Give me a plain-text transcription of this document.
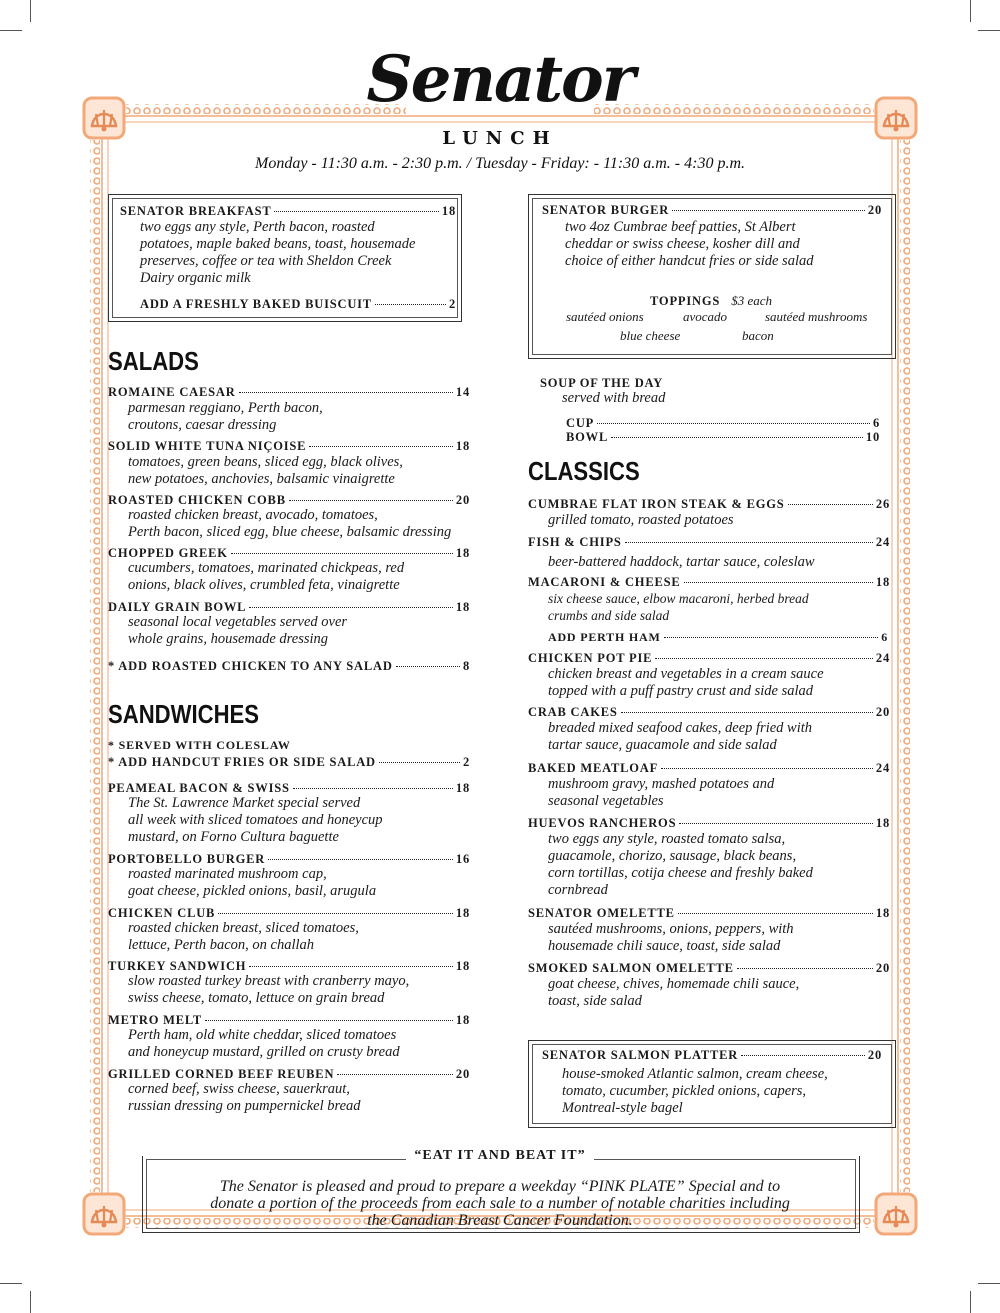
Senator
LUNCH
Monday - 11:30 a.m. - 2:30 p.m. / Tuesday - Friday: - 11:30 a.m. - 4:30 p.m.
SENATOR BREAKFAST	18
two eggs any style, Perth bacon, roasted
potatoes, maple baked beans, toast, housemade
preserves, coffee or tea with Sheldon Creek
Dairy organic milk
ADD A FRESHLY BAKED BUISCUIT	2
SENATOR BURGER	20
two 4oz Cumbrae beef patties, St Albert
cheddar or swiss cheese, kosher dill and
choice of either handcut fries or side salad
TOPPINGS $3 each
sautéed onions	avocado	sautéed mushrooms
blue cheese	bacon
SALADS
ROMAINE CAESAR	14
parmesan reggiano, Perth bacon,
croutons, caesar dressing
SOLID WHITE TUNA NIÇOISE	18
tomatoes, green beans, sliced egg, black olives,
new potatoes, anchovies, balsamic vinaigrette
ROASTED CHICKEN COBB	20
roasted chicken breast, avocado, tomatoes,
Perth bacon, sliced egg, blue cheese, balsamic dressing
CHOPPED GREEK	18
cucumbers, tomatoes, marinated chickpeas, red
onions, black olives, crumbled feta, vinaigrette
DAILY GRAIN BOWL	18
seasonal local vegetables served over
whole grains, housemade dressing
* ADD ROASTED CHICKEN TO ANY SALAD	8
SANDWICHES
* SERVED WITH COLESLAW
* ADD HANDCUT FRIES OR SIDE SALAD	2
PEAMEAL BACON & SWISS	18
The St. Lawrence Market special served
all week with sliced tomatoes and honeycup
mustard, on Forno Cultura baguette
PORTOBELLO BURGER	16
roasted marinated mushroom cap,
goat cheese, pickled onions, basil, arugula
CHICKEN CLUB	18
roasted chicken breast, sliced tomatoes,
lettuce, Perth bacon, on challah
TURKEY SANDWICH	18
slow roasted turkey breast with cranberry mayo,
swiss cheese, tomato, lettuce on grain bread
METRO MELT	18
Perth ham, old white cheddar, sliced tomatoes
and honeycup mustard, grilled on crusty bread
GRILLED CORNED BEEF REUBEN	20
corned beef, swiss cheese, sauerkraut,
russian dressing on pumpernickel bread
SOUP OF THE DAY
served with bread
CUP	6
BOWL	10
CLASSICS
CUMBRAE FLAT IRON STEAK & EGGS	26
grilled tomato, roasted potatoes
FISH & CHIPS	24
beer-battered haddock, tartar sauce, coleslaw
MACARONI & CHEESE	18
six cheese sauce, elbow macaroni, herbed bread
crumbs and side salad
ADD PERTH HAM	6
CHICKEN POT PIE	24
chicken breast and vegetables in a cream sauce
topped with a puff pastry crust and side salad
CRAB CAKES	20
breaded mixed seafood cakes, deep fried with
tartar sauce, guacamole and side salad
BAKED MEATLOAF	24
mushroom gravy, mashed potatoes and
seasonal vegetables
HUEVOS RANCHEROS	18
two eggs any style, roasted tomato salsa,
guacamole, chorizo, sausage, black beans,
corn tortillas, cotija cheese and freshly baked
cornbread
SENATOR OMELETTE	18
sautéed mushrooms, onions, peppers, with
housemade chili sauce, toast, side salad
SMOKED SALMON OMELETTE	20
goat cheese, chives, homemade chili sauce,
toast, side salad
SENATOR SALMON PLATTER	20
house-smoked Atlantic salmon, cream cheese,
tomato, cucumber, pickled onions, capers,
Montreal-style bagel
“EAT IT AND BEAT IT”
The Senator is pleased and proud to prepare a weekday “PINK PLATE” Special and to
donate a portion of the proceeds from each sale to a number of notable charities including
the Canadian Breast Cancer Foundation.
